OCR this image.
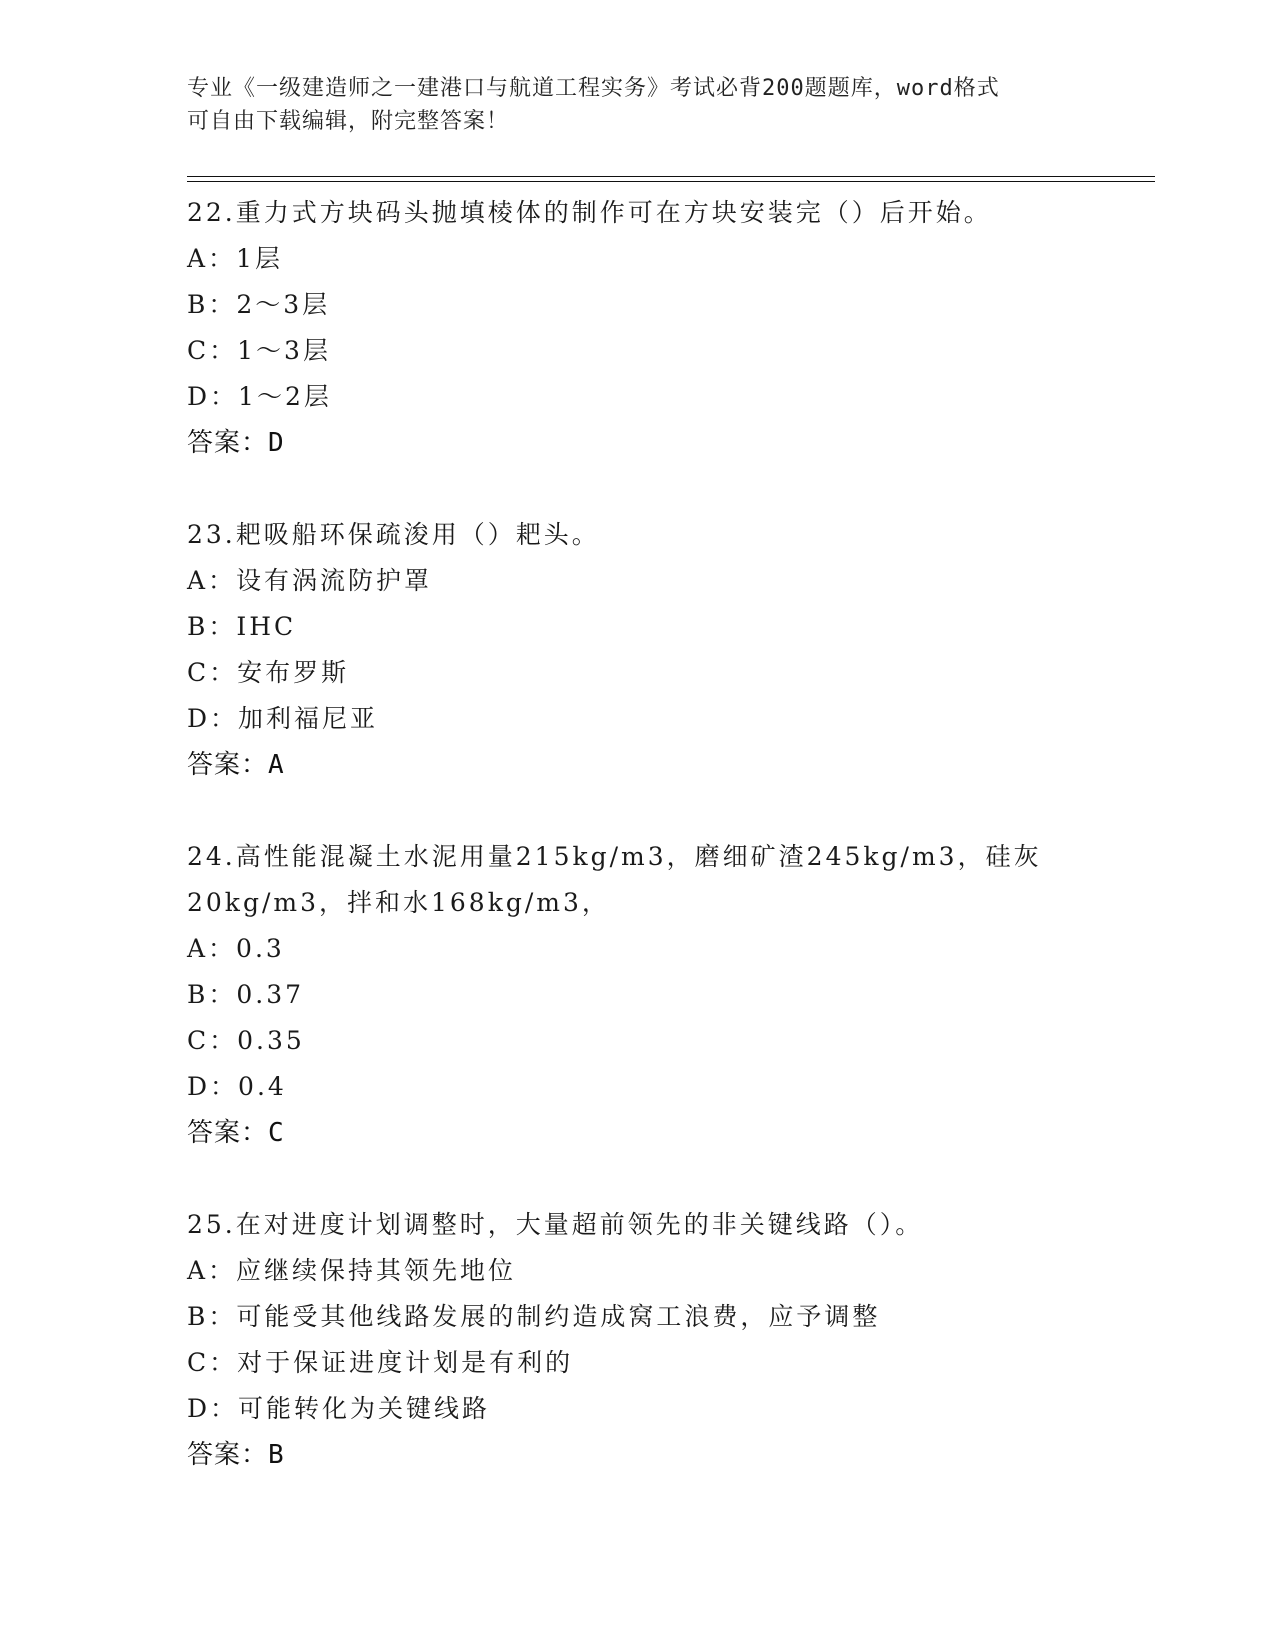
专业《一级建造师之一建港口与航道工程实务》考试必背200题题库，word格式
可自由下载编辑，附完整答案！
22.重力式方块码头抛填棱体的制作可在方块安装完（）后开始。
A：1层
B：2～3层
C：1～3层
D：1～2层
答案：D
23.耙吸船环保疏浚用（）耙头。
A：设有涡流防护罩
B：IHC
C：安布罗斯
D：加利福尼亚
答案：A
24.高性能混凝土水泥用量215kg/m3，磨细矿渣245kg/m3，硅灰
20kg/m3，拌和水168kg/m3，
A：0.3
B：0.37
C：0.35
D：0.4
答案：C
25.在对进度计划调整时，大量超前领先的非关键线路（）。
A：应继续保持其领先地位
B：可能受其他线路发展的制约造成窝工浪费，应予调整
C：对于保证进度计划是有利的
D：可能转化为关键线路
答案：B
